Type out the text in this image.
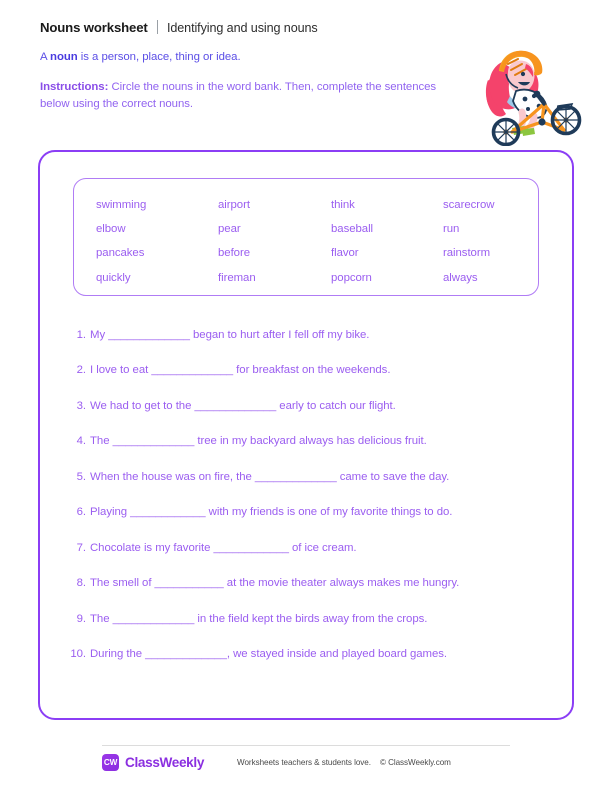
Nouns worksheet Identifying and using nouns
A noun is a person, place, thing or idea.
Instructions: Circle the nouns in the word bank. Then, complete the sentences below using the correct nouns.
swimming	airport	think	scarecrow
elbow	pear	baseball	run
pancakes	before	flavor	rainstorm
quickly	fireman	popcorn	always
1. My _____________ began to hurt after I fell off my bike.
2. I love to eat _____________ for breakfast on the weekends.
3. We had to get to the _____________ early to catch our flight.
4. The _____________ tree in my backyard always has delicious fruit.
5. When the house was on fire, the _____________ came to save the day.
6. Playing ____________ with my friends is one of my favorite things to do.
7. Chocolate is my favorite ____________ of ice cream.
8. The smell of ___________ at the movie theater always makes me hungry.
9. The _____________ in the field kept the birds away from the crops.
10. During the _____________, we stayed inside and played board games.
CW ClassWeekly	Worksheets teachers & students love. © ClassWeekly.com
